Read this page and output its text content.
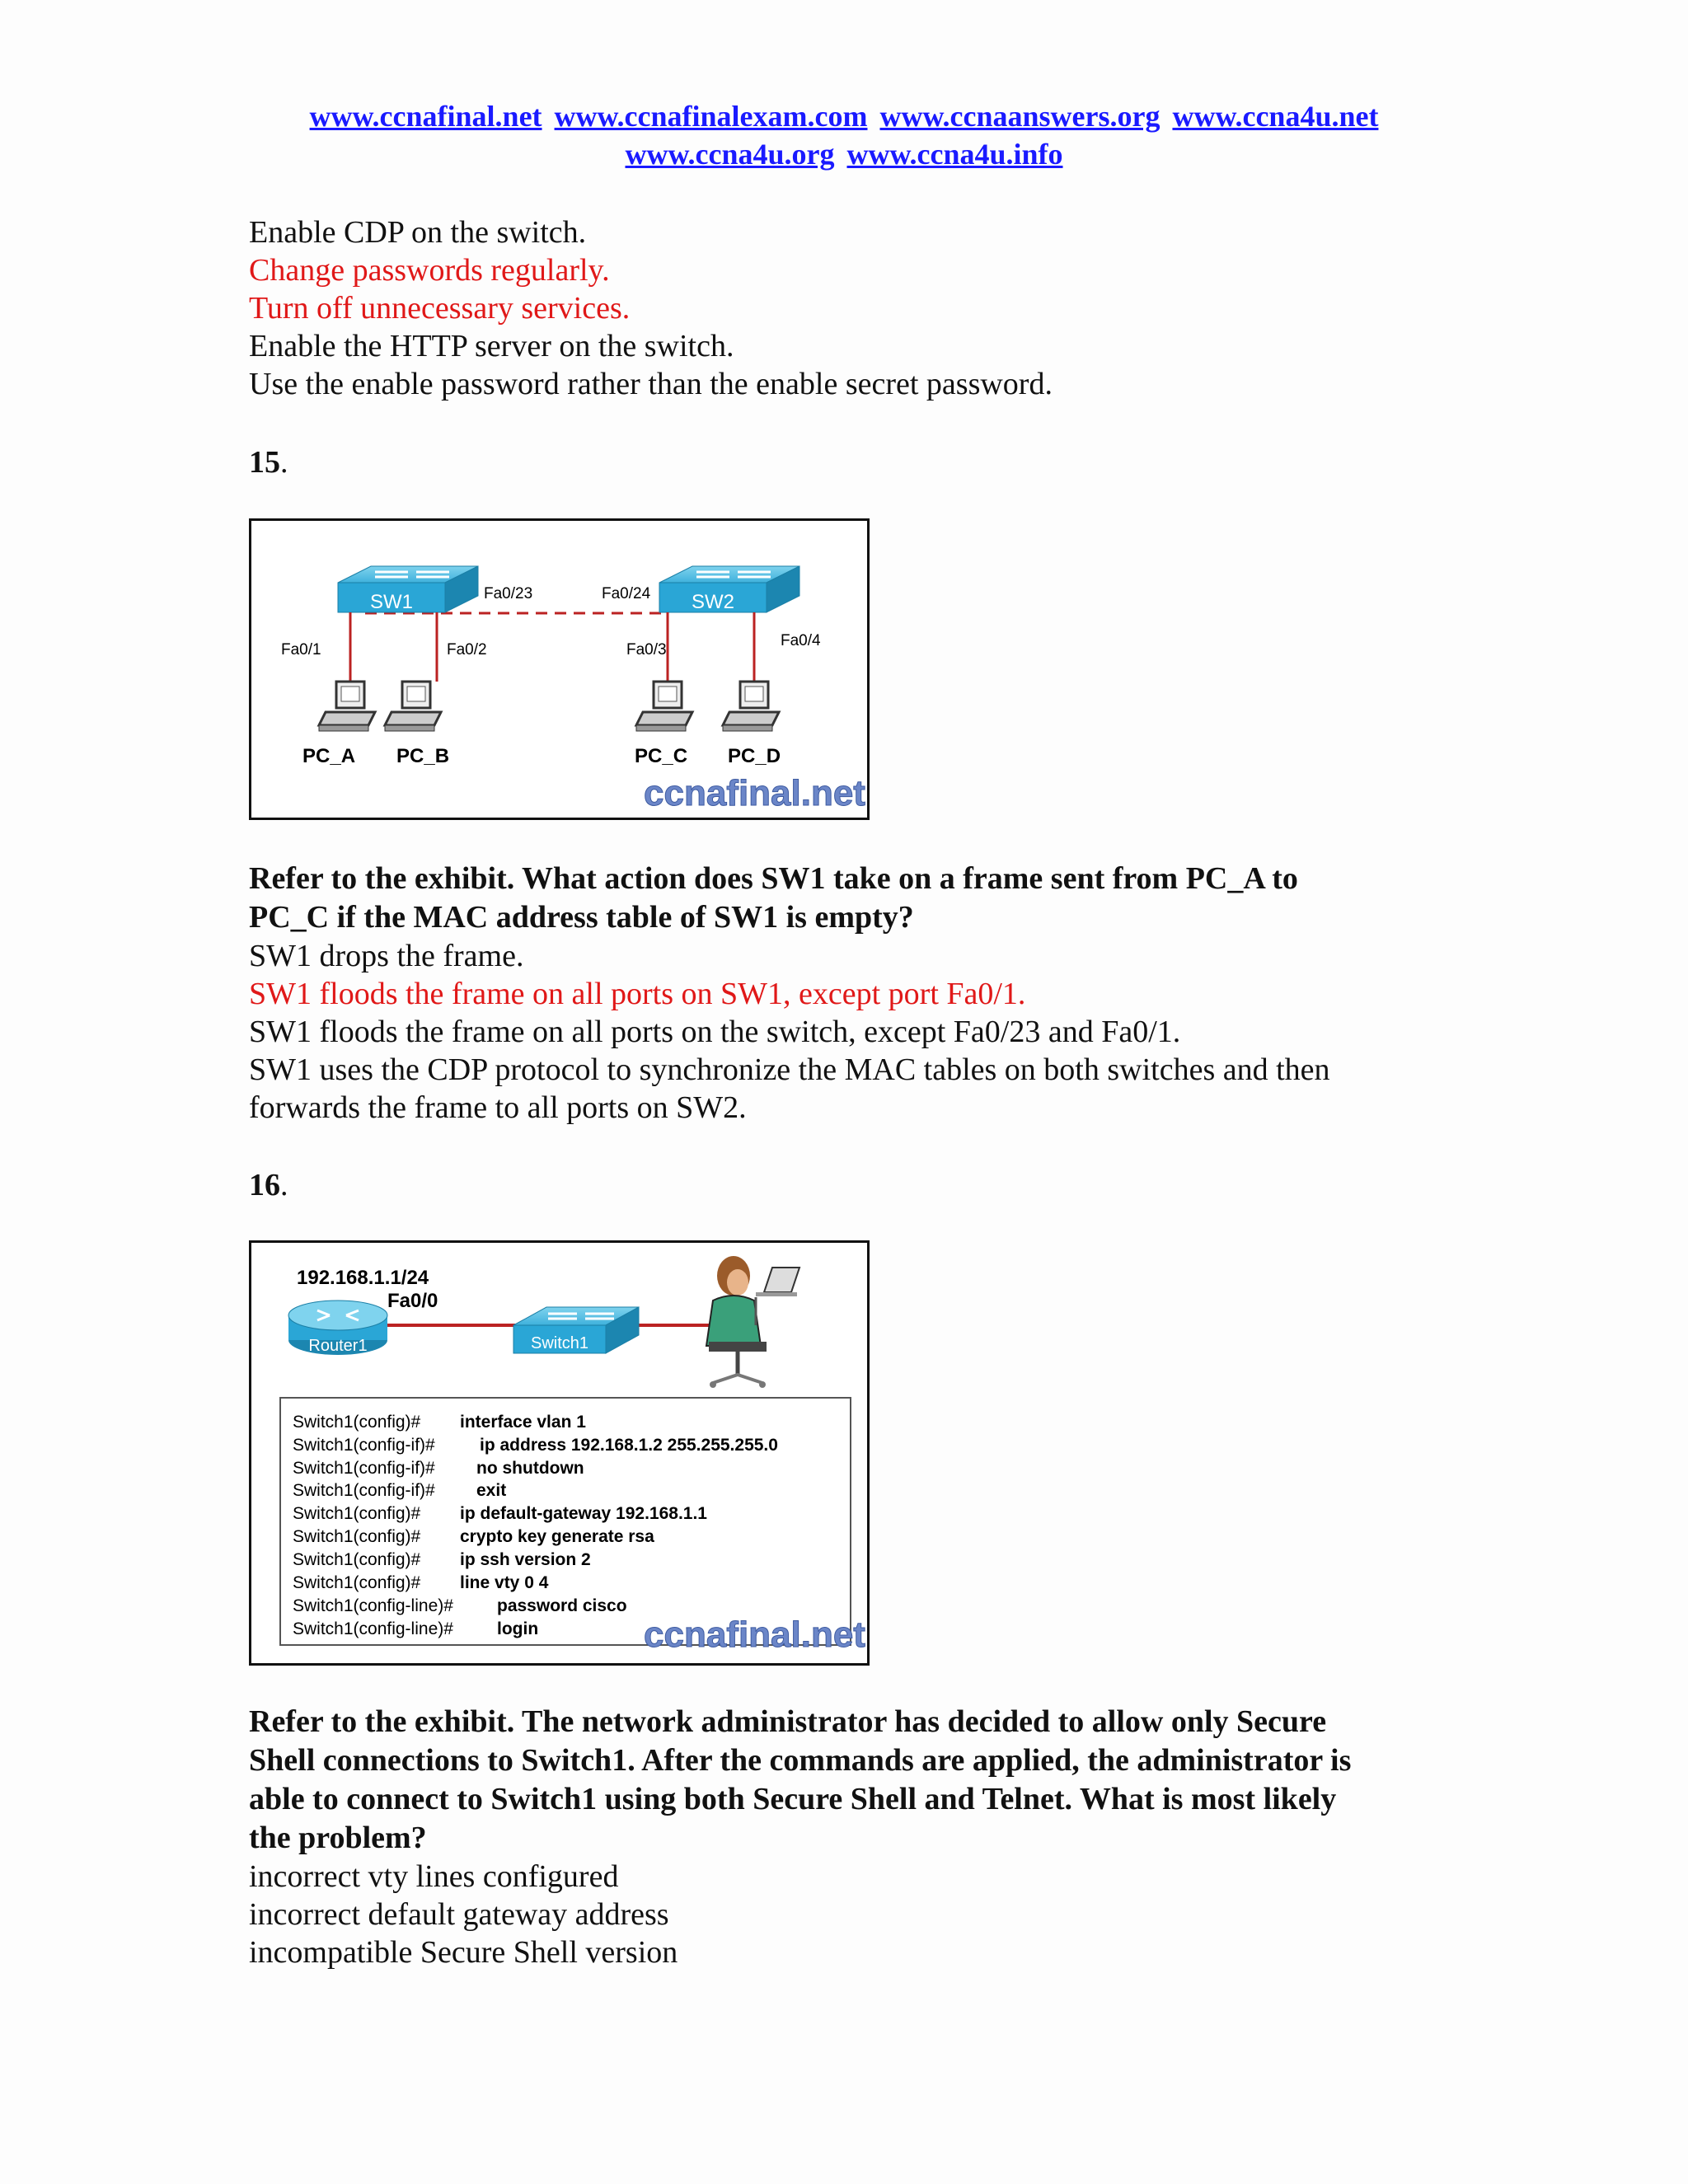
www.ccnafinal.net www.ccnafinalexam.com www.ccnaanswers.org www.ccna4u.net
www.ccna4u.org www.ccna4u.info
Enable CDP on the switch.
Change passwords regularly.
Turn off unnecessary services.
Enable the HTTP server on the switch.
Use the enable password rather than the enable secret password.
15.
SW1	SW2
Fa0/23	Fa0/24
Fa0/1	Fa0/2	Fa0/3
Fa0/4
PC_A PC_B	PC_C PC_D
ccnafinal.net
Refer to the exhibit. What action does SW1 take on a frame sent from PC_A to
PC_C if the MAC address table of SW1 is empty?
SW1 drops the frame.
SW1 floods the frame on all ports on SW1, except port Fa0/1.
SW1 floods the frame on all ports on the switch, except Fa0/23 and Fa0/1.
SW1 uses the CDP protocol to synchronize the MAC tables on both switches and then
forwards the frame to all ports on SW2.
16.
192.168.1.1/24
Fa0/0
Router1	Switch1
Switch1(config)# interface vlan 1
Switch1(config-if)#	ip address 192.168.1.2 255.255.255.0
Switch1(config-if)# no shutdown
Switch1(config-if)# exit
Switch1(config)# ip default-gateway 192.168.1.1
Switch1(config)# crypto key generate rsa
Switch1(config)# ip ssh version 2
Switch1(config)# line vty 0 4
Switch1(config-line)#	password cisco
Switch1(config-line)#	login	ccnafinal.net
Refer to the exhibit. The network administrator has decided to allow only Secure
Shell connections to Switch1. After the commands are applied, the administrator is
able to connect to Switch1 using both Secure Shell and Telnet. What is most likely
the problem?
incorrect vty lines configured
incorrect default gateway address
incompatible Secure Shell version
